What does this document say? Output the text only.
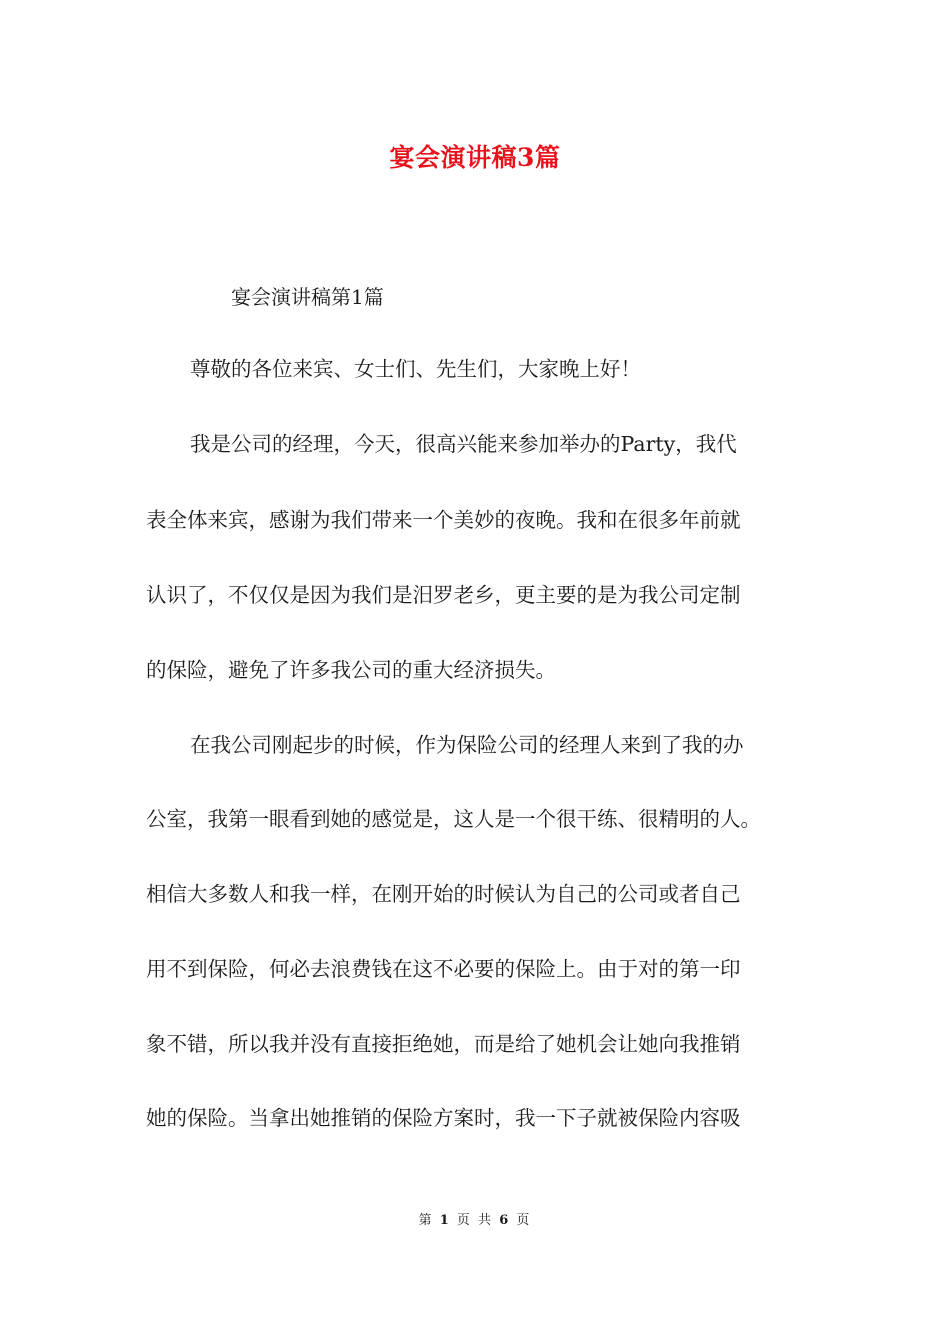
宴会演讲稿3篇
宴会演讲稿第1篇
尊敬的各位来宾、女士们、先生们，大家晚上好！
我是公司的经理，今天，很高兴能来参加举办的Party，我代
表全体来宾，感谢为我们带来一个美妙的夜晚。我和在很多年前就
认识了，不仅仅是因为我们是汨罗老乡，更主要的是为我公司定制
的保险，避免了许多我公司的重大经济损失。
在我公司刚起步的时候，作为保险公司的经理人来到了我的办
公室，我第一眼看到她的感觉是，这人是一个很干练、很精明的人。
相信大多数人和我一样，在刚开始的时候认为自己的公司或者自己
用不到保险，何必去浪费钱在这不必要的保险上。由于对的第一印
象不错，所以我并没有直接拒绝她，而是给了她机会让她向我推销
她的保险。当拿出她推销的保险方案时，我一下子就被保险内容吸
第 1 页 共 6 页
